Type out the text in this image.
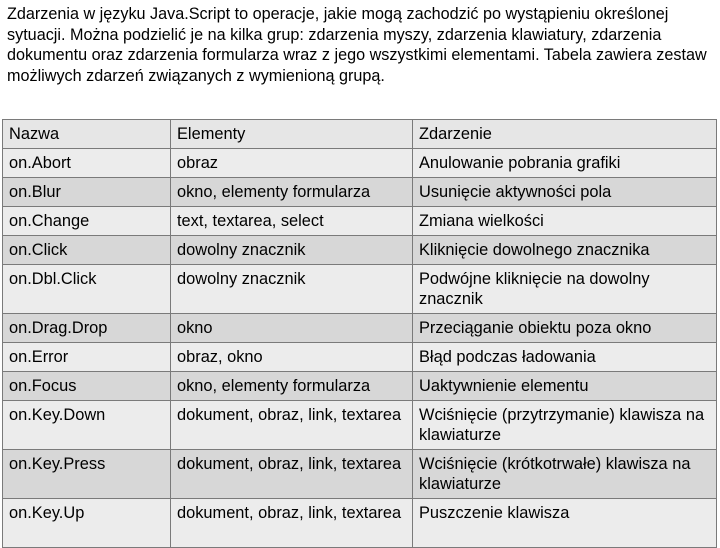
Zdarzenia w języku Java.Script to operacje, jakie mogą zachodzić po wystąpieniu określonej sytuacji. Można podzielić je na kilka grup: zdarzenia myszy, zdarzenia klawiatury, zdarzenia dokumentu oraz zdarzenia formularza wraz z jego wszystkimi elementami. Tabela zawiera zestaw możliwych zdarzeń związanych z wymienioną grupą.

Nazwa	Elementy	Zdarzenie
on.Abort	obraz	Anulowanie pobrania grafiki
on.Blur	okno, elementy formularza	Usunięcie aktywności pola
on.Change	text, textarea, select	Zmiana wielkości
on.Click	dowolny znacznik	Kliknięcie dowolnego znacznika
on.Dbl.Click	dowolny znacznik	Podwójne kliknięcie na dowolny znacznik
on.Drag.Drop	okno	Przeciąganie obiektu poza okno
on.Error	obraz, okno	Błąd podczas ładowania
on.Focus	okno, elementy formularza	Uaktywnienie elementu
on.Key.Down	dokument, obraz, link, textarea	Wciśnięcie (przytrzymanie) klawisza na klawiaturze
on.Key.Press	dokument, obraz, link, textarea	Wciśnięcie (krótkotrwałe) klawisza na klawiaturze
on.Key.Up	dokument, obraz, link, textarea	Puszczenie klawisza
